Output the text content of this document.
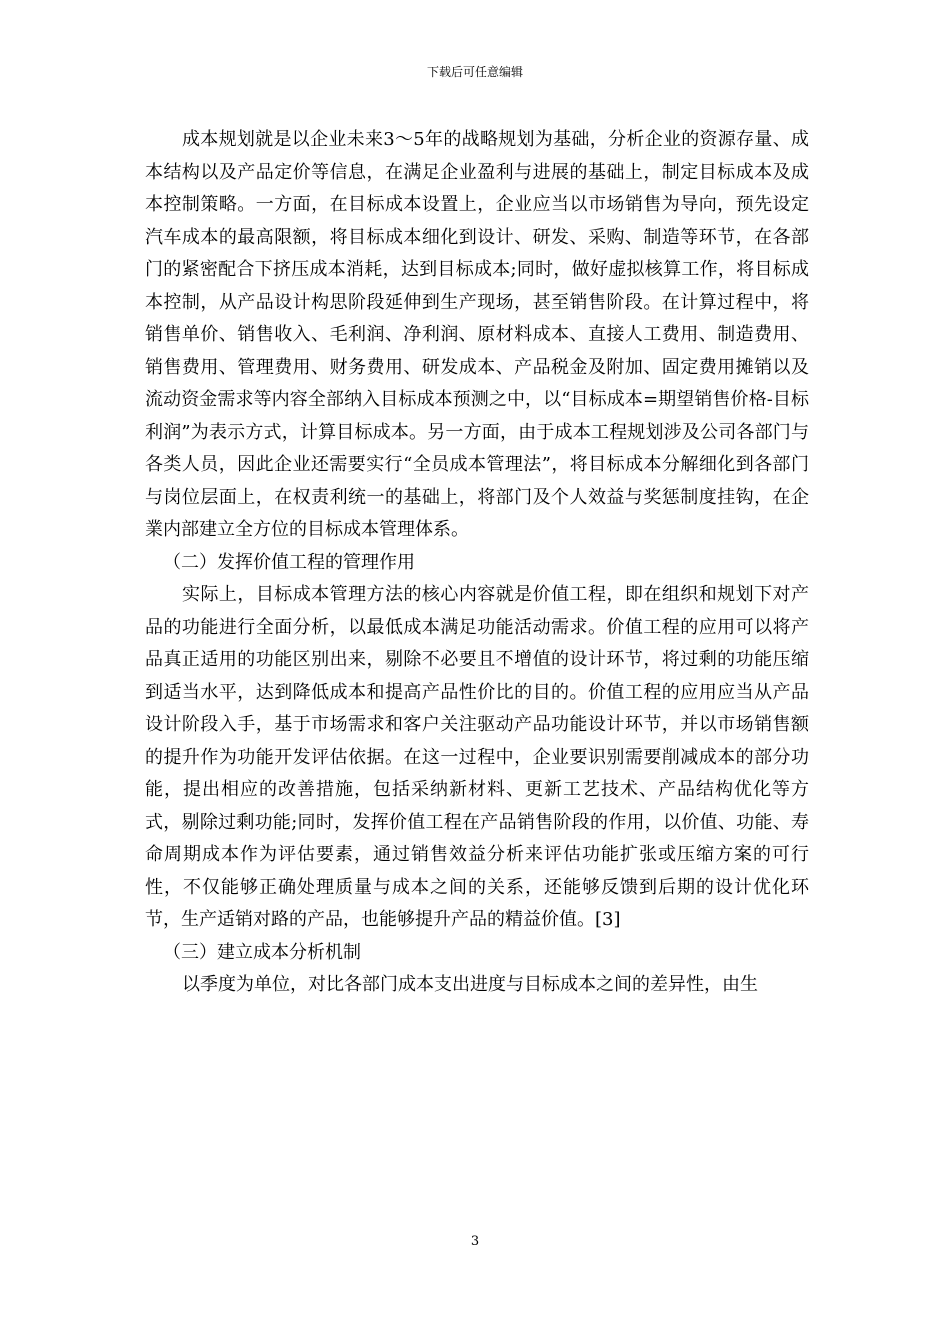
下载后可任意编辑

成本规划就是以企业未来3～5年的战略规划为基础，分析企业的资源存量、成本结构以及产品定价等信息，在满足企业盈利与进展的基础上，制定目标成本及成本控制策略。一方面，在目标成本设置上，企业应当以市场销售为导向，预先设定汽车成本的最高限额，将目标成本细化到设计、研发、采购、制造等环节，在各部门的紧密配合下挤压成本消耗，达到目标成本;同时，做好虚拟核算工作，将目标成本控制，从产品设计构思阶段延伸到生产现场，甚至销售阶段。在计算过程中，将销售单价、销售收入、毛利润、净利润、原材料成本、直接人工费用、制造费用、销售费用、管理费用、财务费用、研发成本、产品税金及附加、固定费用摊销以及流动资金需求等内容全部纳入目标成本预测之中，以“目标成本=期望销售价格-目标利润”为表示方式，计算目标成本。另一方面，由于成本工程规划涉及公司各部门与各类人员，因此企业还需要实行“全员成本管理法”，将目标成本分解细化到各部门与岗位层面上，在权责利统一的基础上，将部门及个人效益与奖惩制度挂钩，在企業内部建立全方位的目标成本管理体系。

（二）发挥价值工程的管理作用

实际上，目标成本管理方法的核心内容就是价值工程，即在组织和规划下对产品的功能进行全面分析，以最低成本满足功能活动需求。价值工程的应用可以将产品真正适用的功能区别出来，剔除不必要且不增值的设计环节，将过剩的功能压缩到适当水平，达到降低成本和提高产品性价比的目的。价值工程的应用应当从产品设计阶段入手，基于市场需求和客户关注驱动产品功能设计环节，并以市场销售额的提升作为功能开发评估依据。在这一过程中，企业要识别需要削减成本的部分功能，提出相应的改善措施，包括采纳新材料、更新工艺技术、产品结构优化等方式，剔除过剩功能;同时，发挥价值工程在产品销售阶段的作用，以价值、功能、寿命周期成本作为评估要素，通过销售效益分析来评估功能扩张或压缩方案的可行性，不仅能够正确处理质量与成本之间的关系，还能够反馈到后期的设计优化环节，生产适销对路的产品，也能够提升产品的精益价值。[3]

（三）建立成本分析机制

以季度为单位，对比各部门成本支出进度与目标成本之间的差异性，由生

3
